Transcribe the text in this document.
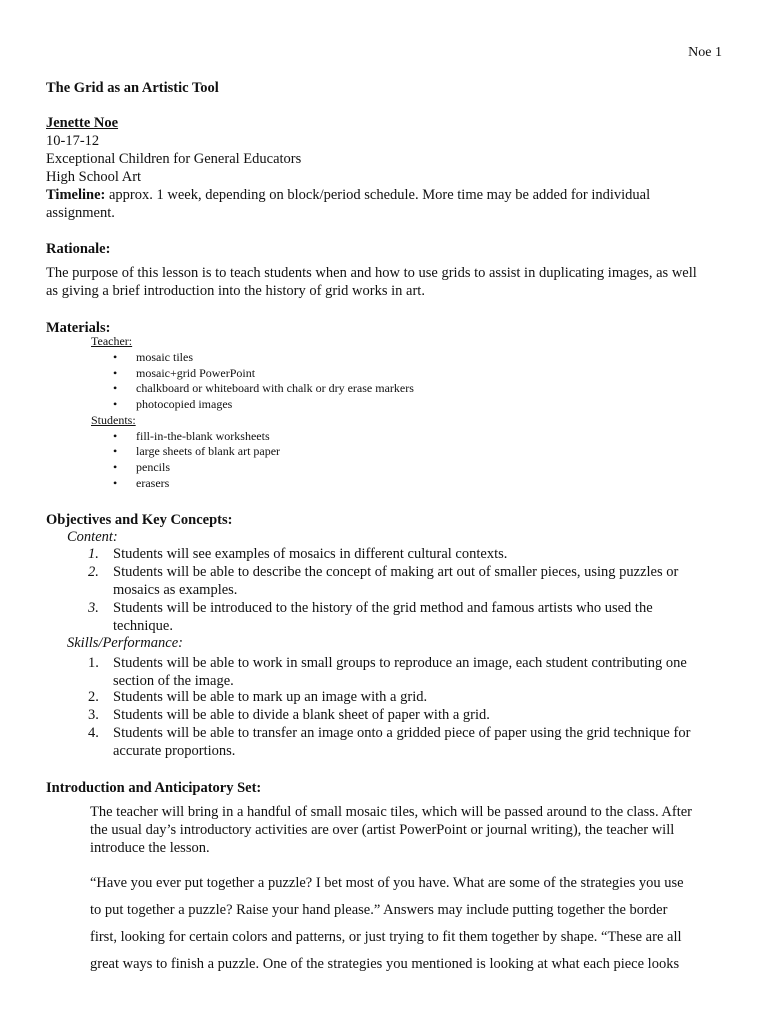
Noe 1
The Grid as an Artistic Tool
Jenette Noe
10-17-12
Exceptional Children for General Educators
High School Art
Timeline: approx. 1 week, depending on block/period schedule. More time may be added for individual
assignment.
Rationale:
The purpose of this lesson is to teach students when and how to use grids to assist in duplicating images, as well
as giving a brief introduction into the history of grid works in art.
Materials:
Teacher:
• mosaic tiles
• mosaic+grid PowerPoint
• chalkboard or whiteboard with chalk or dry erase markers
• photocopied images
Students:
• fill-in-the-blank worksheets
• large sheets of blank art paper
• pencils
• erasers
Objectives and Key Concepts:
Content:
1. Students will see examples of mosaics in different cultural contexts.
2. Students will be able to describe the concept of making art out of smaller pieces, using puzzles or
mosaics as examples.
3. Students will be introduced to the history of the grid method and famous artists who used the
technique.
Skills/Performance:
1. Students will be able to work in small groups to reproduce an image, each student contributing one
section of the image.
2. Students will be able to mark up an image with a grid.
3. Students will be able to divide a blank sheet of paper with a grid.
4. Students will be able to transfer an image onto a gridded piece of paper using the grid technique for
accurate proportions.
Introduction and Anticipatory Set:
The teacher will bring in a handful of small mosaic tiles, which will be passed around to the class. After
the usual day’s introductory activities are over (artist PowerPoint or journal writing), the teacher will
introduce the lesson.
“Have you ever put together a puzzle? I bet most of you have. What are some of the strategies you use
to put together a puzzle? Raise your hand please.” Answers may include putting together the border
first, looking for certain colors and patterns, or just trying to fit them together by shape. “These are all
great ways to finish a puzzle. One of the strategies you mentioned is looking at what each piece looks
